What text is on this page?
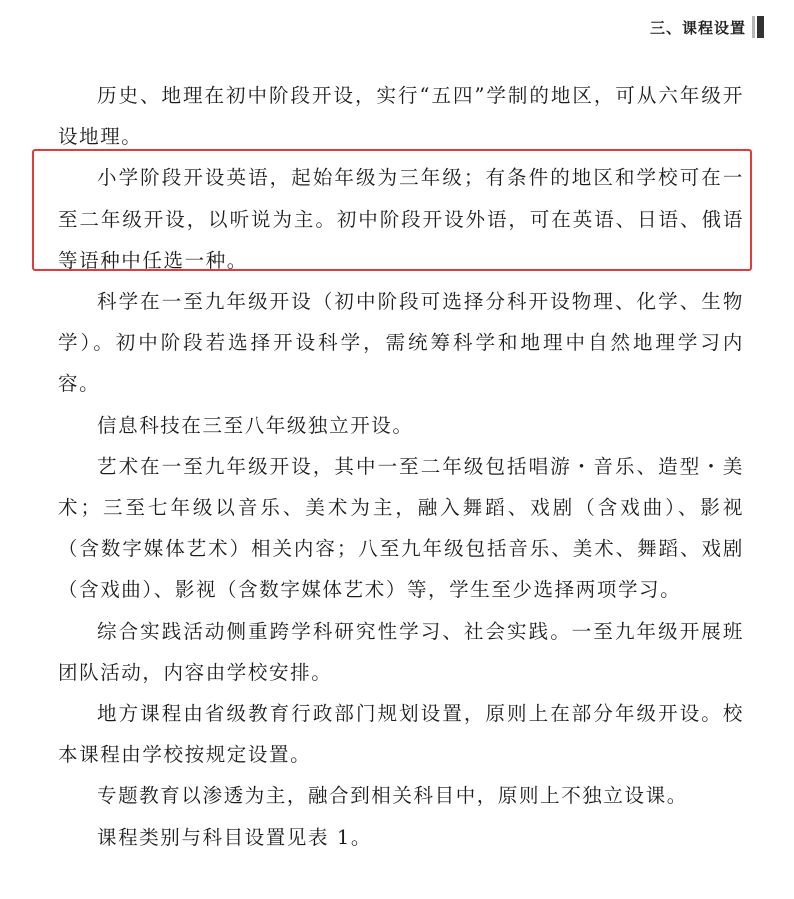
三、课程设置

历史、地理在初中阶段开设，实行“五四”学制的地区，可从六年级开设地理。

小学阶段开设英语，起始年级为三年级；有条件的地区和学校可在一至二年级开设，以听说为主。初中阶段开设外语，可在英语、日语、俄语等语种中任选一种。

科学在一至九年级开设（初中阶段可选择分科开设物理、化学、生物学）。初中阶段若选择开设科学，需统筹科学和地理中自然地理学习内容。

信息科技在三至八年级独立开设。

艺术在一至九年级开设，其中一至二年级包括唱游・音乐、造型・美术；三至七年级以音乐、美术为主，融入舞蹈、戏剧（含戏曲）、影视（含数字媒体艺术）相关内容；八至九年级包括音乐、美术、舞蹈、戏剧（含戏曲）、影视（含数字媒体艺术）等，学生至少选择两项学习。

综合实践活动侧重跨学科研究性学习、社会实践。一至九年级开展班团队活动，内容由学校安排。

地方课程由省级教育行政部门规划设置，原则上在部分年级开设。校本课程由学校按规定设置。

专题教育以渗透为主，融合到相关科目中，原则上不独立设课。

课程类别与科目设置见表 1。
